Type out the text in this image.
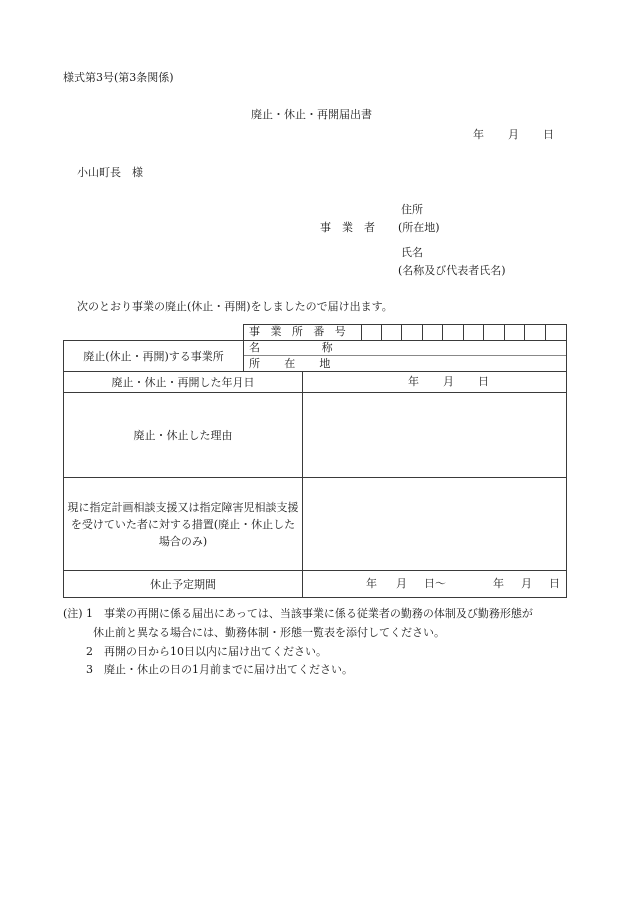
様式第3号(第3条関係)
廃止・休止・再開届出書
年 月 日
小山町長　様
住所
事　業　者 (所在地)
氏名
(名称及び代表者氏名)
次のとおり事業の廃止(休止・再開)をしましたので届け出ます。
事業所番号
廃止(休止・再開)する事業所
名称
所在地
廃止・休止・再開した年月日	年 月 日
廃止・休止した理由
現に指定計画相談支援又は指定障害児相談支援を受けていた者に対する措置(廃止・休止した場合のみ)
休止予定期間	年 月 日～	年 月 日
(注) 1 事業の再開に係る届出にあっては、当該事業に係る従業者の勤務の体制及び勤務形態が
休止前と異なる場合には、勤務体制・形態一覧表を添付してください。
2 再開の日から10日以内に届け出てください。
3 廃止・休止の日の1月前までに届け出てください。
